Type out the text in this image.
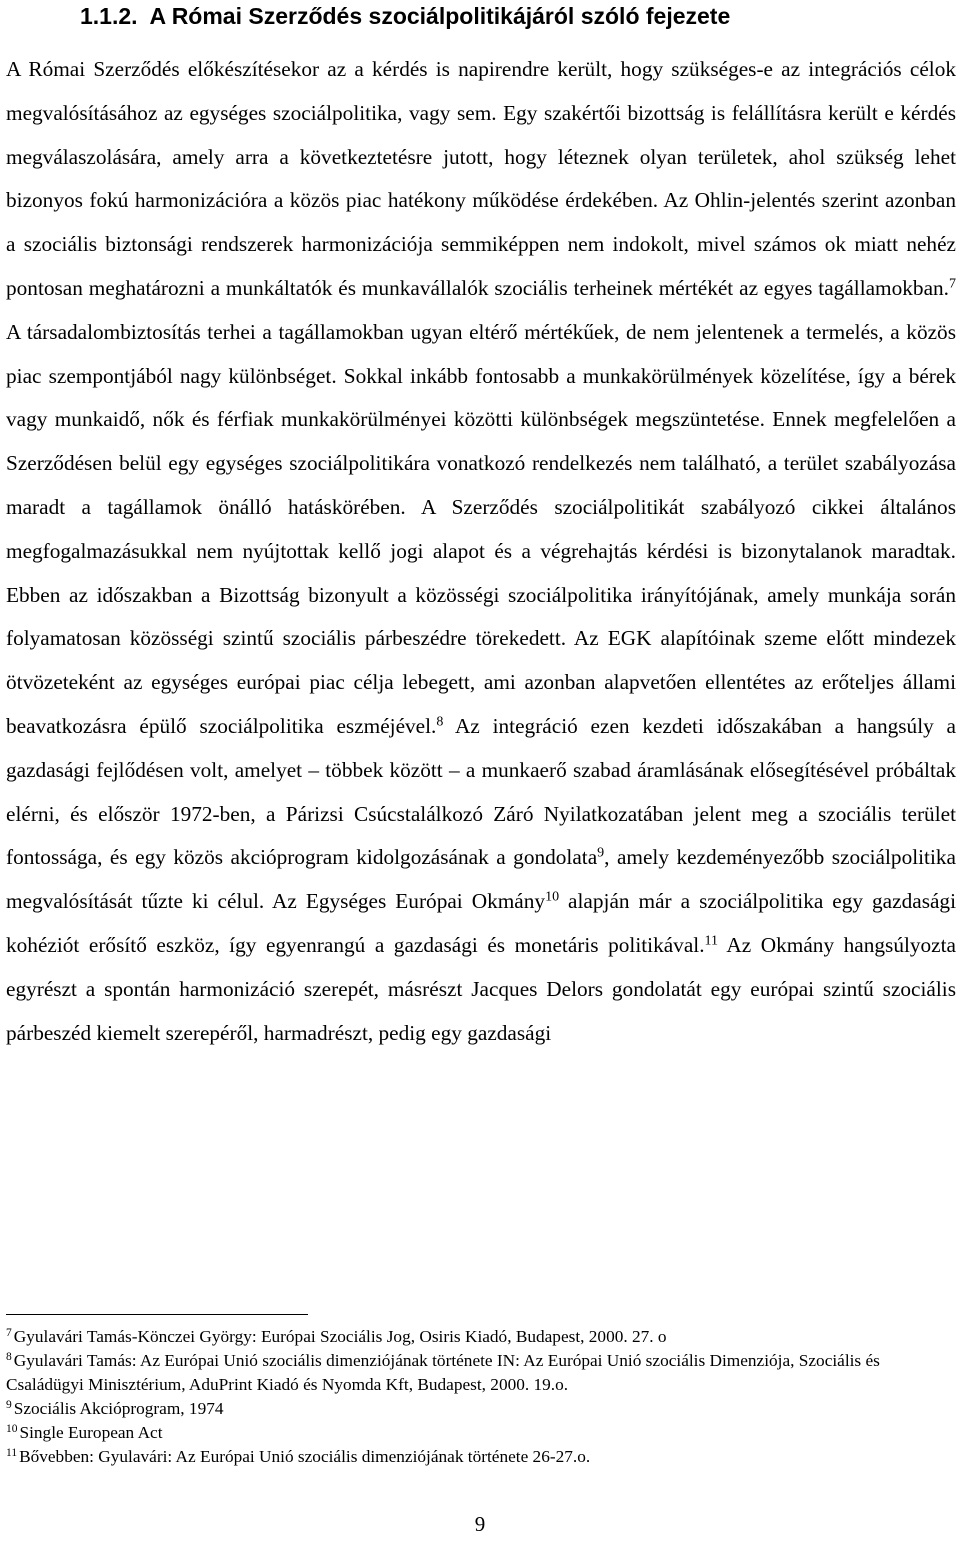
1.1.2. A Római Szerződés szociálpolitikájáról szóló fejezete

A Római Szerződés előkészítésekor az a kérdés is napirendre került, hogy szükséges-e az integrációs célok megvalósításához az egységes szociálpolitika, vagy sem. Egy szakértői bizottság is felállításra került e kérdés megválaszolására, amely arra a következtetésre jutott, hogy léteznek olyan területek, ahol szükség lehet bizonyos fokú harmonizációra a közös piac hatékony működése érdekében. Az Ohlin-jelentés szerint azonban a szociális biztonsági rendszerek harmonizációja semmiképpen nem indokolt, mivel számos ok miatt nehéz pontosan meghatározni a munkáltatók és munkavállalók szociális terheinek mértékét az egyes tagállamokban.$^7$ A társadalombiztosítás terhei a tagállamokban ugyan eltérő mértékűek, de nem jelentenek a termelés, a közös piac szempontjából nagy különbséget. Sokkal inkább fontosabb a munkakörülmények közelítése, így a bérek vagy munkaidő, nők és férfiak munkakörülményei közötti különbségek megszüntetése. Ennek megfelelően a Szerződésen belül egy egységes szociálpolitikára vonatkozó rendelkezés nem található, a terület szabályozása maradt a tagállamok önálló hatáskörében. A Szerződés szociálpolitikát szabályozó cikkei általános megfogalmazásukkal nem nyújtottak kellő jogi alapot és a végrehajtás kérdési is bizonytalanok maradtak. Ebben az időszakban a Bizottság bizonyult a közösségi szociálpolitika irányítójának, amely munkája során folyamatosan közösségi szintű szociális párbeszédre törekedett. Az EGK alapítóinak szeme előtt mindezek ötvözeteként az egységes európai piac célja lebegett, ami azonban alapvetően ellentétes az erőteljes állami beavatkozásra épülő szociálpolitika eszméjével.$^8$ Az integráció ezen kezdeti időszakában a hangsúly a gazdasági fejlődésen volt, amelyet – többek között – a munkaerő szabad áramlásának elősegítésével próbáltak elérni, és először 1972-ben, a Párizsi Csúcstalálkozó Záró Nyilatkozatában jelent meg a szociális terület fontossága, és egy közös akcióprogram kidolgozásának a gondolata$^9$, amely kezdeményezőbb szociálpolitika megvalósítását tűzte ki célul. Az Egységes Európai Okmány$^{10}$ alapján már a szociálpolitika egy gazdasági kohéziót erősítő eszköz, így egyenrangú a gazdasági és monetáris politikával.$^{11}$ Az Okmány hangsúlyozta egyrészt a spontán harmonizáció szerepét, másrészt Jacques Delors gondolatát egy európai szintű szociális párbeszéd kiemelt szerepéről, harmadrészt, pedig egy gazdasági

$^7$ Gyulavári Tamás-Könczei György: Európai Szociális Jog, Osiris Kiadó, Budapest, 2000. 27. o

$^8$ Gyulavári Tamás: Az Európai Unió szociális dimenziójának története IN: Az Európai Unió szociális Dimenziója, Szociális és Családügyi Minisztérium, AduPrint Kiadó és Nyomda Kft, Budapest, 2000. 19.o.

$^9$ Szociális Akcióprogram, 1974

$^{10}$ Single European Act

$^{11}$ Bővebben: Gyulavári: Az Európai Unió szociális dimenziójának története 26-27.o.

9
